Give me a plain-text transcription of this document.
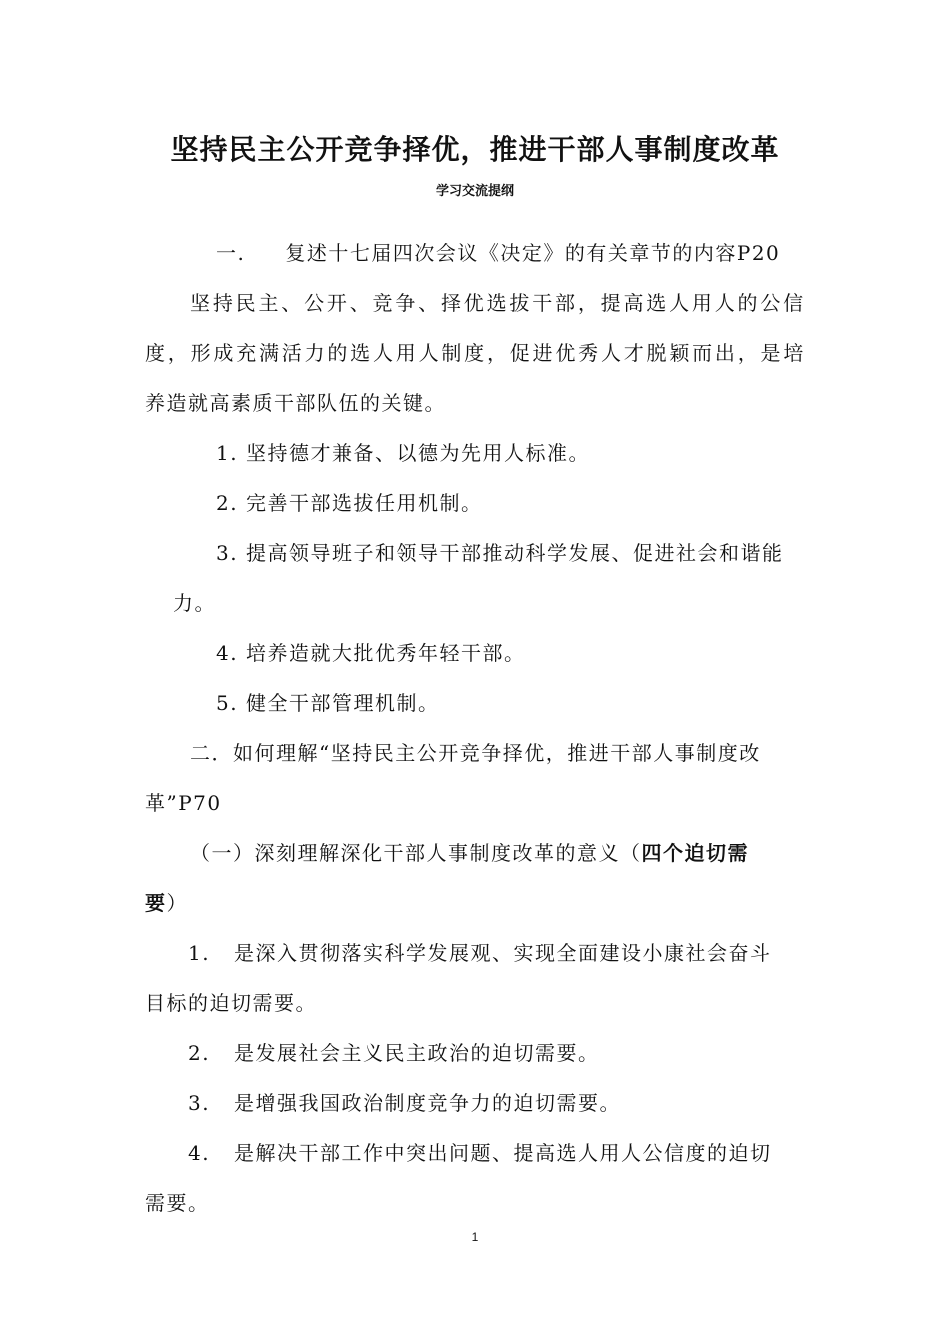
坚持民主公开竞争择优，推进干部人事制度改革
学习交流提纲
一. 复述十七届四次会议《决定》的有关章节的内容P20
坚 持 民 主 、 公 开 、 竞 争 、 择 优 选 拔 干 部 ， 提 高 选 人 用 人 的 公 信
度 ， 形 成 充 满 活 力 的 选 人 用 人 制 度 ， 促 进 优 秀 人 才 脱 颖 而 出 ， 是 培
养造就高素质干部队伍的关键。
1. 坚持德才兼备、以德为先用人标准。
2. 完善干部选拔任用机制。
3. 提高领导班子和领导干部推动科学发展、促进社会和谐能
力。
4. 培养造就大批优秀年轻干部。
5. 健全干部管理机制。
二．如何理解“坚持民主公开竞争择优，推进干部人事制度改
革”P70
（一）深刻理解深化干部人事制度改革的意义（四个迫切需
要）
1. 是深入贯彻落实科学发展观、实现全面建设小康社会奋斗
目标的迫切需要。
2. 是发展社会主义民主政治的迫切需要。
3. 是增强我国政治制度竞争力的迫切需要。
4. 是解决干部工作中突出问题、提高选人用人公信度的迫切
需要。
1
